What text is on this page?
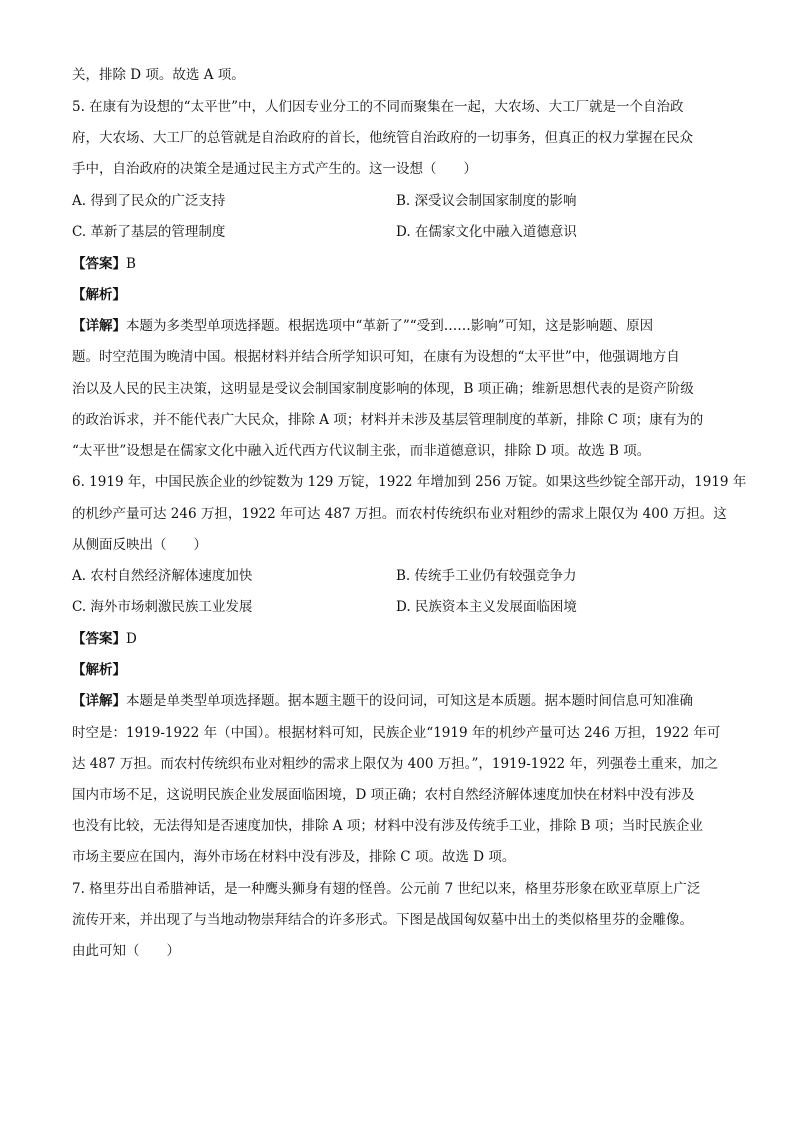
关，排除 D 项。故选 A 项。
5. 在康有为设想的“太平世”中，人们因专业分工的不同而聚集在一起，大农场、大工厂就是一个自治政
府，大农场、大工厂的总管就是自治政府的首长，他统管自治政府的一切事务，但真正的权力掌握在民众
手中，自治政府的决策全是通过民主方式产生的。这一设想（　　）
A. 得到了民众的广泛支持	B. 深受议会制国家制度的影响
C. 革新了基层的管理制度	D. 在儒家文化中融入道德意识
【答案】B
【解析】
【详解】本题为多类型单项选择题。根据选项中“革新了”“受到……影响”可知，这是影响题、原因
题。时空范围为晚清中国。根据材料并结合所学知识可知，在康有为设想的“太平世”中，他强调地方自
治以及人民的民主决策，这明显是受议会制国家制度影响的体现，B 项正确；维新思想代表的是资产阶级
的政治诉求，并不能代表广大民众，排除 A 项；材料并未涉及基层管理制度的革新，排除 C 项；康有为的
“太平世”设想是在儒家文化中融入近代西方代议制主张，而非道德意识，排除 D 项。故选 B 项。
6. 1919 年，中国民族企业的纱锭数为 129 万锭，1922 年增加到 256 万锭。如果这些纱锭全部开动，1919 年
的机纱产量可达 246 万担，1922 年可达 487 万担。而农村传统织布业对粗纱的需求上限仅为 400 万担。这
从侧面反映出（　　）
A. 农村自然经济解体速度加快	B. 传统手工业仍有较强竞争力
C. 海外市场刺激民族工业发展	D. 民族资本主义发展面临困境
【答案】D
【解析】
【详解】本题是单类型单项选择题。据本题主题干的设问词，可知这是本质题。据本题时间信息可知准确
时空是：1919-1922 年（中国）。根据材料可知，民族企业“1919 年的机纱产量可达 246 万担，1922 年可
达 487 万担。而农村传统织布业对粗纱的需求上限仅为 400 万担。”，1919-1922 年，列强卷土重来，加之
国内市场不足，这说明民族企业发展面临困境，D 项正确；农村自然经济解体速度加快在材料中没有涉及
也没有比较，无法得知是否速度加快，排除 A 项；材料中没有涉及传统手工业，排除 B 项；当时民族企业
市场主要应在国内，海外市场在材料中没有涉及，排除 C 项。故选 D 项。
7. 格里芬出自希腊神话，是一种鹰头狮身有翅的怪兽。公元前 7 世纪以来，格里芬形象在欧亚草原上广泛
流传开来，并出现了与当地动物崇拜结合的许多形式。下图是战国匈奴墓中出土的类似格里芬的金雕像。
由此可知（　　）
